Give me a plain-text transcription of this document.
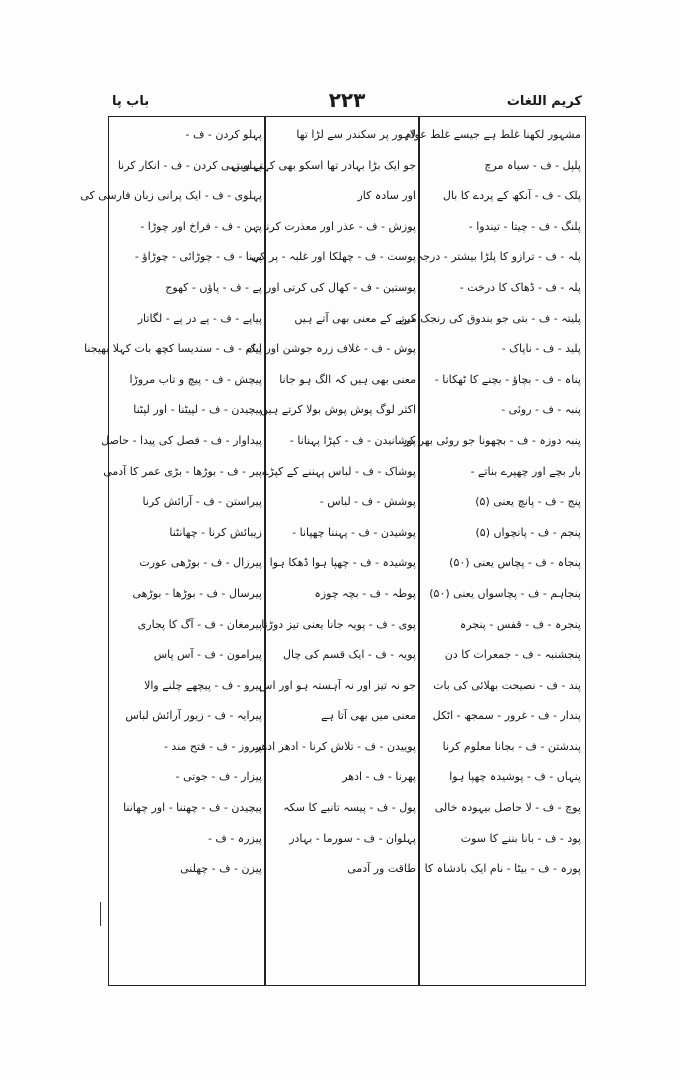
کریم اللغات
۲۲۳
باب پا
مشہور لکھنا غلط ہے جیسے غلط عوام
پلپل - ف - سیاہ مرچ
پلک - ف - آنکھ کے پردے کا بال
پلنگ - ف - چیتا - تیندوا -
پلہ - ف - ترازو کا پلڑا بیشتر - درجہ
پلہ - ف - ڈھاک کا درخت -
پلیتہ - ف - بتی جو بندوق کی رنجک میں
پلید - ف - ناپاک -
پناہ - ف - بچاؤ - بچنے کا ٹھکانا -
پنبہ - ف - روئی -
پنبہ دوزہ - ف - بچھونا جو روئی بھر کر
بار بچے اور چھپرے بناتے -
پنج - ف - پانچ یعنی (۵)
پنجم - ف - پانچواں (۵)
پنجاہ - ف - پچاس یعنی (۵۰)
پنجاہم - ف - پچاسواں یعنی (۵۰)
پنجرہ - ف - قفس - پنجرہ
پنجشنبہ - ف - جمعرات کا دن
پند - ف - نصیحت بھلائی کی بات
پندار - ف - غرور - سمجھ - اٹکل
پندشتن - ف - بجانا معلوم کرنا
پنہاں - ف - پوشیدہ چھپا ہوا
پوچ - ف - لا حاصل بیہودہ خالی
پود - ف - بانا بننے کا سوت
پورہ - ف - بیٹا - نام ایک بادشاہ کا
لاہور پر سکندر سے لڑا تھا
جو ایک بڑا بہادر تھا اسکو بھی کہتے ہیں
اور سادہ کار
پوزش - ف - عذر اور معذرت کرنا -
پوست - ف - چھلکا اور غلبہ - پر کی
پوستین - ف - کھال کی کرتی اور
کرتے کے معنی بھی آتے ہیں
پوش - ف - غلاف زرہ جوشن اور ایک
معنی بھی ہیں کہ الگ ہو جانا
اکثر لوگ پوش پوش بولا کرتے ہیں
پوشانیدن - ف - کپڑا پہنانا -
پوشاک - ف - لباس پہننے کے کپڑے
پوشش - ف - لباس -
پوشیدن - ف - پہننا چھپانا -
پوشیدہ - ف - چھپا ہوا ڈھکا ہوا
پوطہ - ف - بچہ چوزہ
پوی - ف - پویہ جانا یعنی تیز دوڑنا
پویہ - ف - ایک قسم کی چال
جو نہ تیز اور نہ آہستہ ہو اور اس
معنی میں بھی آتا ہے
پوییدن - ف - تلاش کرنا - ادھر ادھر
پھرنا - ف - ادھر
پول - ف - پیسہ تانبے کا سکہ
پہلوان - ف - سورما - بہادر
طاقت ور آدمی
پہلو کردن - ف -
پہلو تہی کردن - ف - انکار کرنا
پہلوی - ف - ایک پرانی زبان فارسی کی
پہن - ف - فراخ اور چوڑا -
پہنا - ف - چوڑائی - چوڑاؤ -
پے - ف - پاؤں - کھوج
پیاپے - ف - پے در پے - لگاتار
پیام - ف - سندیسا کچھ بات کہلا بھیجنا
پیچش - ف - پیچ و تاب مروڑا
پیچیدن - ف - لپیٹنا - اور لپٹنا
پیداوار - ف - فصل کی پیدا - حاصل
پیر - ف - بوڑھا - بڑی عمر کا آدمی
پیراستن - ف - آرائش کرنا
زیبائش کرنا - چھانٹنا
پیرزال - ف - بوڑھی عورت
پیرسال - ف - بوڑھا - بوڑھی
پیرمغان - ف - آگ کا پجاری
پیرامون - ف - آس پاس
پیرو - ف - پیچھے چلنے والا
پیرایہ - ف - زیور آرائش لباس
پیروز - ف - فتح مند -
پیزار - ف - جوتی -
پیچیدن - ف - چھننا - اور چھاننا
پیزرہ - ف -
پیزن - ف - چھلنی
